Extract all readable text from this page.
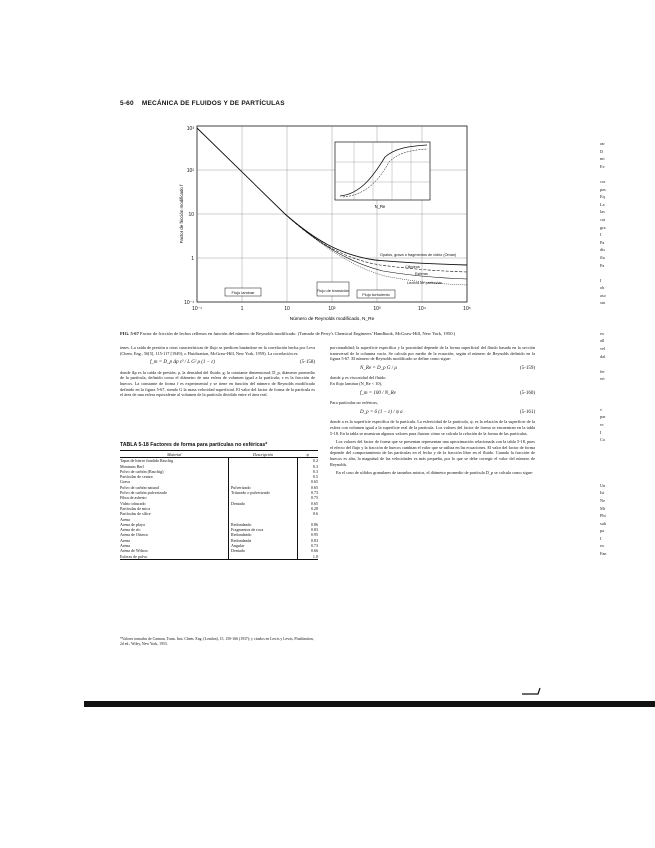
5-60 MECÁNICA DE FLUIDOS Y DE PARTÍCULAS
10³
10²
10
1
10⁻¹
10⁻¹	1	10	10²	10³	10⁴	10⁵
Factor de fricción modificado f
Número de Reynolds modificado, N_Re
Opalos, grava o fragmentos de vidrio (Oman)
Cilindros
Esferas
Lechos de partículas
Flujo laminar	Flujo de transición
Flujo turbulento
N_Re
FIG. 5-67 Factor de fricción de lechos rellenos en función del número de Reynolds modificado. (Tomado de Perry's Chemical Engineers' Handbook, McGraw-Hill, New York, 1950.)
tenes. La caída de presión u otras características de flujo se predicen basándose en la correlación hecha por Leva (Chem. Eng., 56[5], 115-117 [1949]; o Fluidization, McGraw-Hill, New York, 1959). La correlación es:
f_m = D_p Δp ε³ / L G² ρ (1 − ε)	(5-158)
donde Δp es la caída de presión; ρ, la densidad del fluido; g, la constante dimensional; D_p, diámetro promedio de la partícula, definido como el diámetro de una esfera de volumen igual a la partícula; ε es la fracción de huecos. La constante de forma f es experimental y se tiene en función del número de Reynolds modificado definido en la figura 5-67, siendo G la masa velocidad superficial. El valor del factor de forma de la partícula es el área de una esfera equivalente al volumen de la partícula dividido entre el área real.
TABLA 5-18 Factores de forma para partículas no esféricas*
Material	Descripción	ψ
Tapas de hierro fundido Raschig		0.2
Monturas Berl		0.3
Polvo de carbón (Raschig)		0.3
Partículas de ceniza		0.5
Grava		0.65
Polvo de carbón natural	Pulverizado	0.65
Polvo de carbón pulverizado	Triturado o pulverizado	0.73
Fibra de asbesto		0.75
Vidrio triturado	Dentado	0.65
Partículas de mica		0.28
Partículas de sílice		0.6
Arena		
Arena de playa	Redondeado	0.86
Arena de río	Fragmentos de roca	0.83
Arena de Ottawa	Redondeado	0.95
Arena	Redondeada	0.83
Arena	Angular	0.73
Arena de Wilson	Dentado	0.66
Esferas de polvo		1.0
*Valores tomados de Carman, Trans. Inst. Chem. Eng. (London), 15, 150-166 (1937); y citados en Lewis y Lewis, Fluidization, 2d ed., Wiley, New York, 1953.
porcionalidad; la superficie específica y la porosidad depende de la forma superficial del fluido basada en la sección transversal de la columna vacía. Se calcula por medio de la ecuación, según el número de Reynolds definido en la figura 5-67. El número de Reynolds modificado se define como sigue:
N_Re = D_p G / μ	(5-159)
donde μ es viscosidad del fluido.
En flujo laminar (N_Re < 10),
f_m = 100 / N_Re	(5-160)
Para partículas no esféricas,
D_p = 6 (1 − ε) / ψ a	(5-161)
donde a es la superficie específica de la partícula. La esfericidad de la partícula, ψ, es la relación de la superficie de la esfera con volumen igual a la superficie real de la partícula. Los valores del factor de forma se encuentran en la tabla 5-18. En la tabla se muestran algunos valores para ilustrar cómo se calcula la relación de la forma de las partículas.
Los valores del factor de forma que se presentan representan una aproximación relacionada con la tabla 5-18, pues el efecto del flujo y la fracción de huecos cambian el valor que se utiliza en las ecuaciones. El valor del factor de forma depende del comportamiento de las partículas en el lecho y de la fracción libre en el fluido. Cuando la fracción de huecos es alta, la magnitud de las velocidades es más pequeña, por lo que se debe corregir el valor del número de Reynolds.
En el caso de sólidos granulares de tamaños mixtos, el diámetro promedio de partícula D_p se calcula como sigue:
rar
D
mi
Ev
cor
pas
Eq
La
las
cat
gra
I
Pa
dis
flu
Pa
I
ob
aso
sm
ex
all
vel
dal
fer
eri
v
par
ec
I
Ca
Un
Ist
Ne
Mi
Phi
sub
pa
I
ex
Fan
